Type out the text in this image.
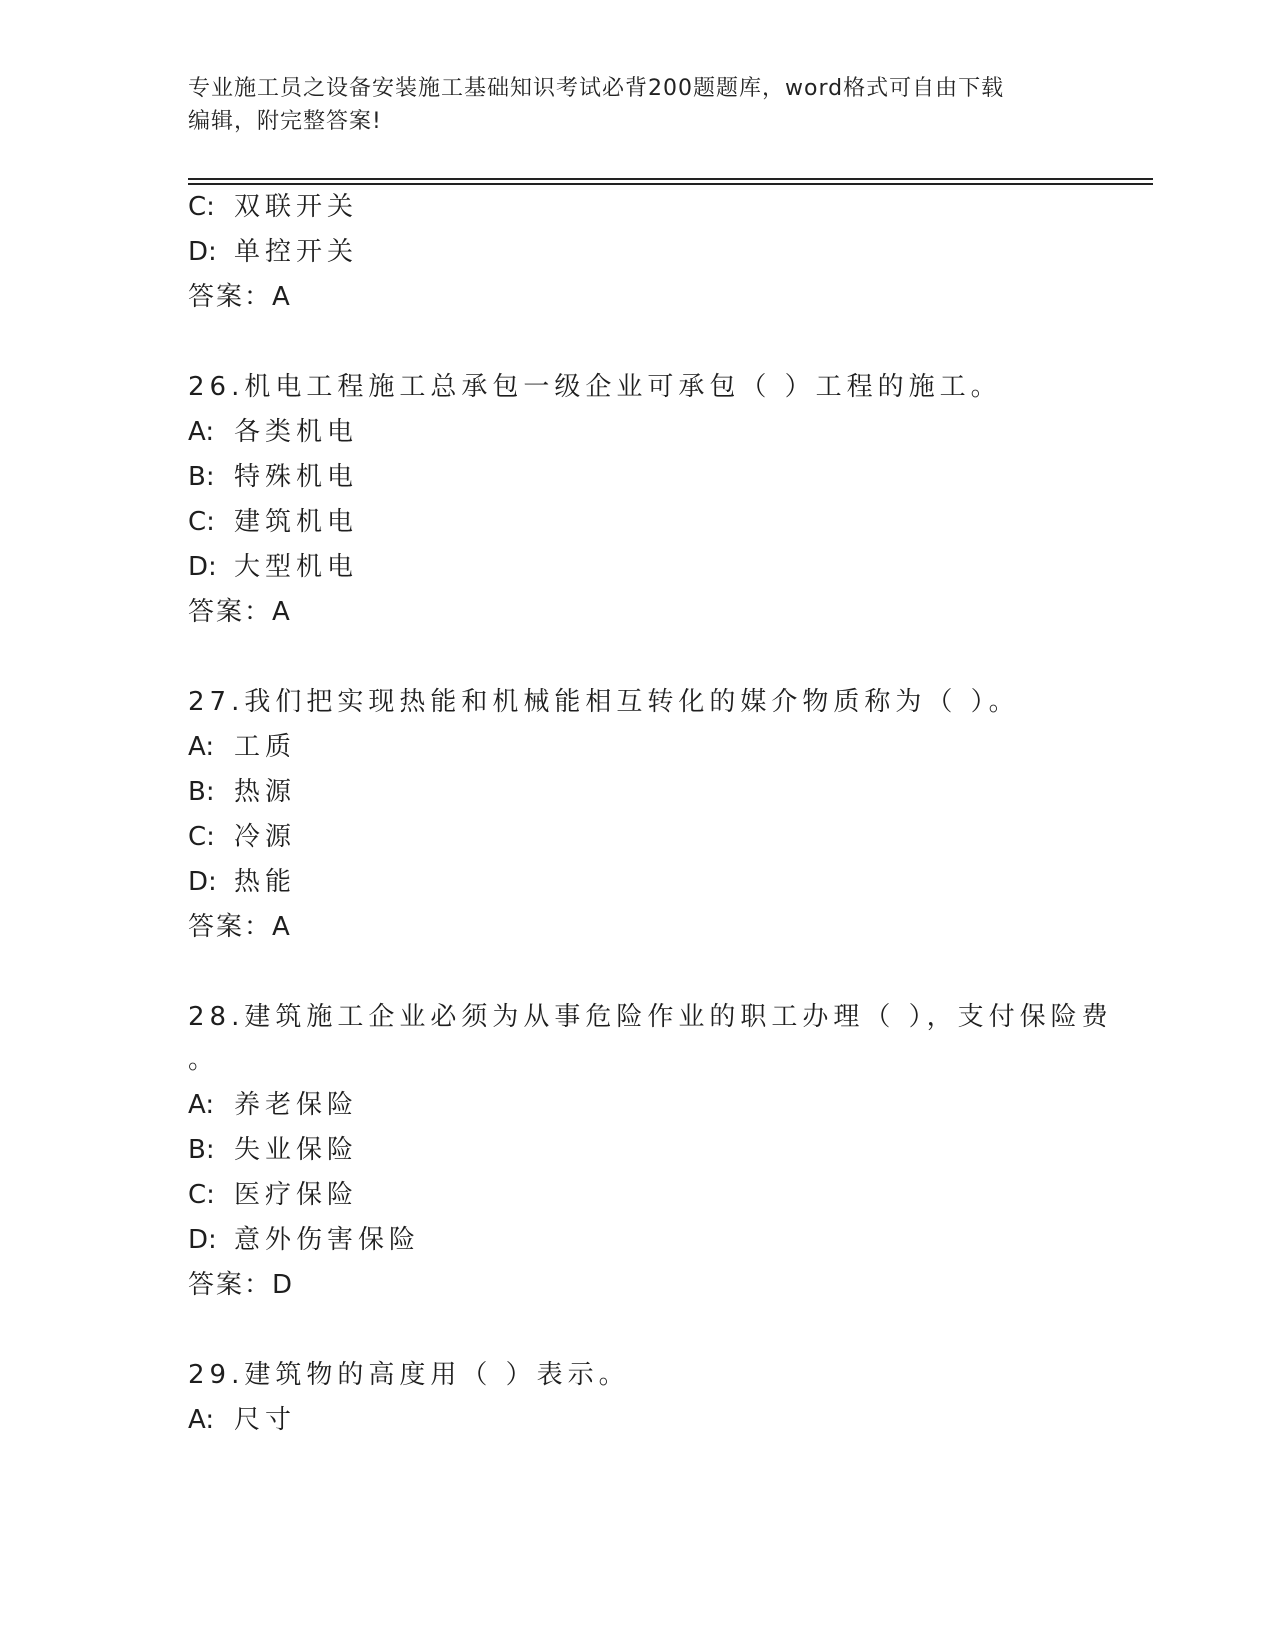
专业施工员之设备安装施工基础知识考试必背200题题库，word格式可自由下载
编辑，附完整答案!
C: 双联开关
D: 单控开关
答案：A
26.机电工程施工总承包一级企业可承包（ ）工程的施工。
A: 各类机电
B: 特殊机电
C: 建筑机电
D: 大型机电
答案：A
27.我们把实现热能和机械能相互转化的媒介物质称为（ ）。
A: 工质
B: 热源
C: 冷源
D: 热能
答案：A
28.建筑施工企业必须为从事危险作业的职工办理（ ），支付保险费
。
A: 养老保险
B: 失业保险
C: 医疗保险
D: 意外伤害保险
答案：D
29.建筑物的高度用（ ）表示。
A: 尺寸
